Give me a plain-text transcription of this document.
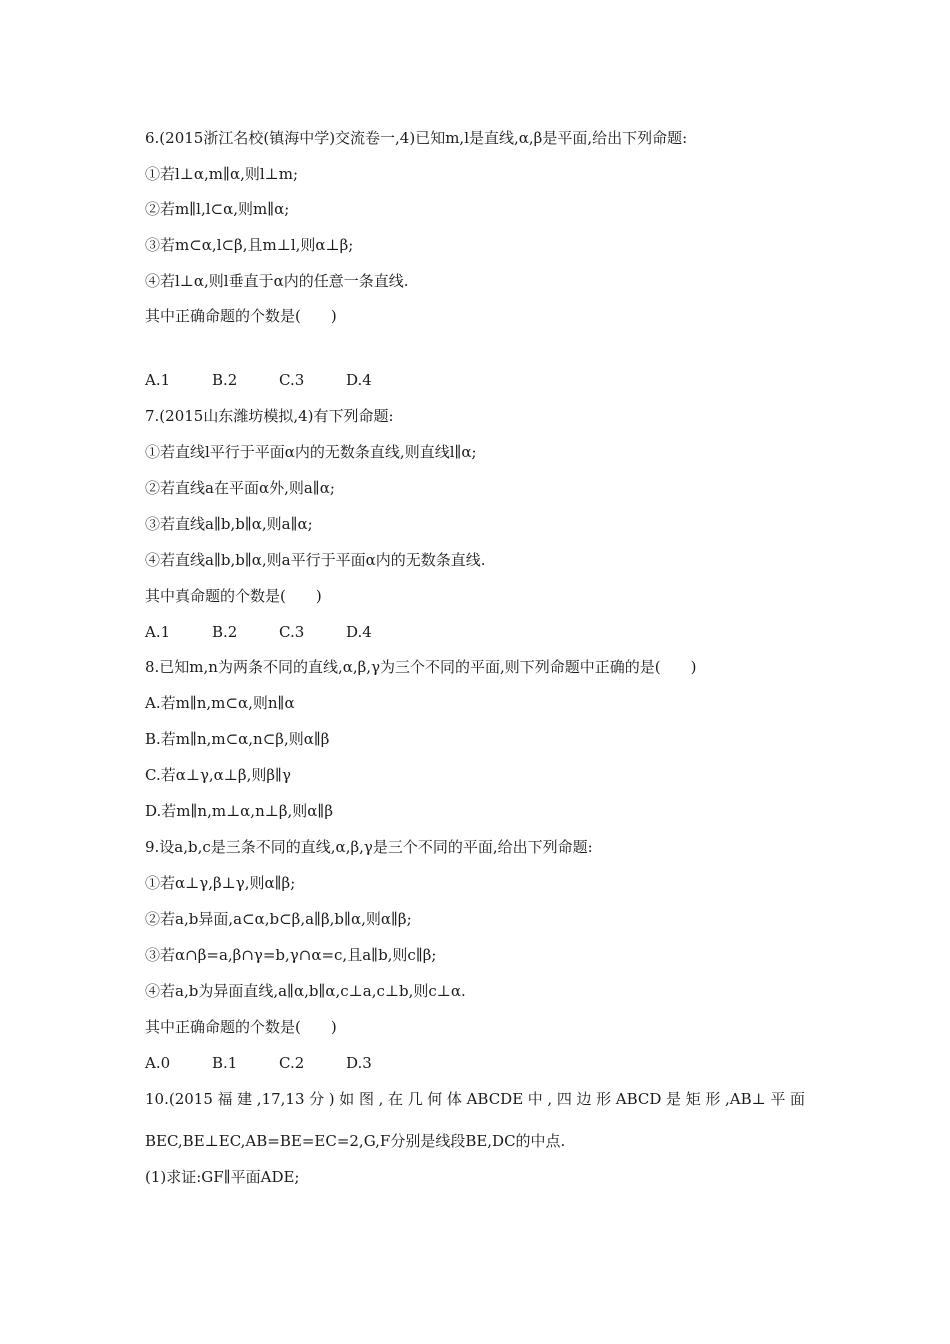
6.(2015浙江名校(镇海中学)交流卷一,4)已知m,l是直线,α,β是平面,给出下列命题:
①若l⊥α,m∥α,则l⊥m;
②若m∥l,l⊂α,则m∥α;
③若m⊂α,l⊂β,且m⊥l,则α⊥β;
④若l⊥α,则l垂直于α内的任意一条直线.
其中正确命题的个数是(　　)
A.1	B.2	C.3	D.4
7.(2015山东潍坊模拟,4)有下列命题:
①若直线l平行于平面α内的无数条直线,则直线l∥α;
②若直线a在平面α外,则a∥α;
③若直线a∥b,b∥α,则a∥α;
④若直线a∥b,b∥α,则a平行于平面α内的无数条直线.
其中真命题的个数是(　　)
A.1	B.2	C.3	D.4
8.已知m,n为两条不同的直线,α,β,γ为三个不同的平面,则下列命题中正确的是(　　)
A.若m∥n,m⊂α,则n∥α
B.若m∥n,m⊂α,n⊂β,则α∥β
C.若α⊥γ,α⊥β,则β∥γ
D.若m∥n,m⊥α,n⊥β,则α∥β
9.设a,b,c是三条不同的直线,α,β,γ是三个不同的平面,给出下列命题:
①若α⊥γ,β⊥γ,则α∥β;
②若a,b异面,a⊂α,b⊂β,a∥β,b∥α,则α∥β;
③若α∩β=a,β∩γ=b,γ∩α=c,且a∥b,则c∥β;
④若a,b为异面直线,a∥α,b∥α,c⊥a,c⊥b,则c⊥α.
其中正确命题的个数是(　　)
A.0	B.1	C.2	D.3
10.(2015福建,17,13分)如图,在几何体ABCDE中,四边形ABCD是矩形,AB⊥平面
BEC,BE⊥EC,AB=BE=EC=2,G,F分别是线段BE,DC的中点.
(1)求证:GF∥平面ADE;
